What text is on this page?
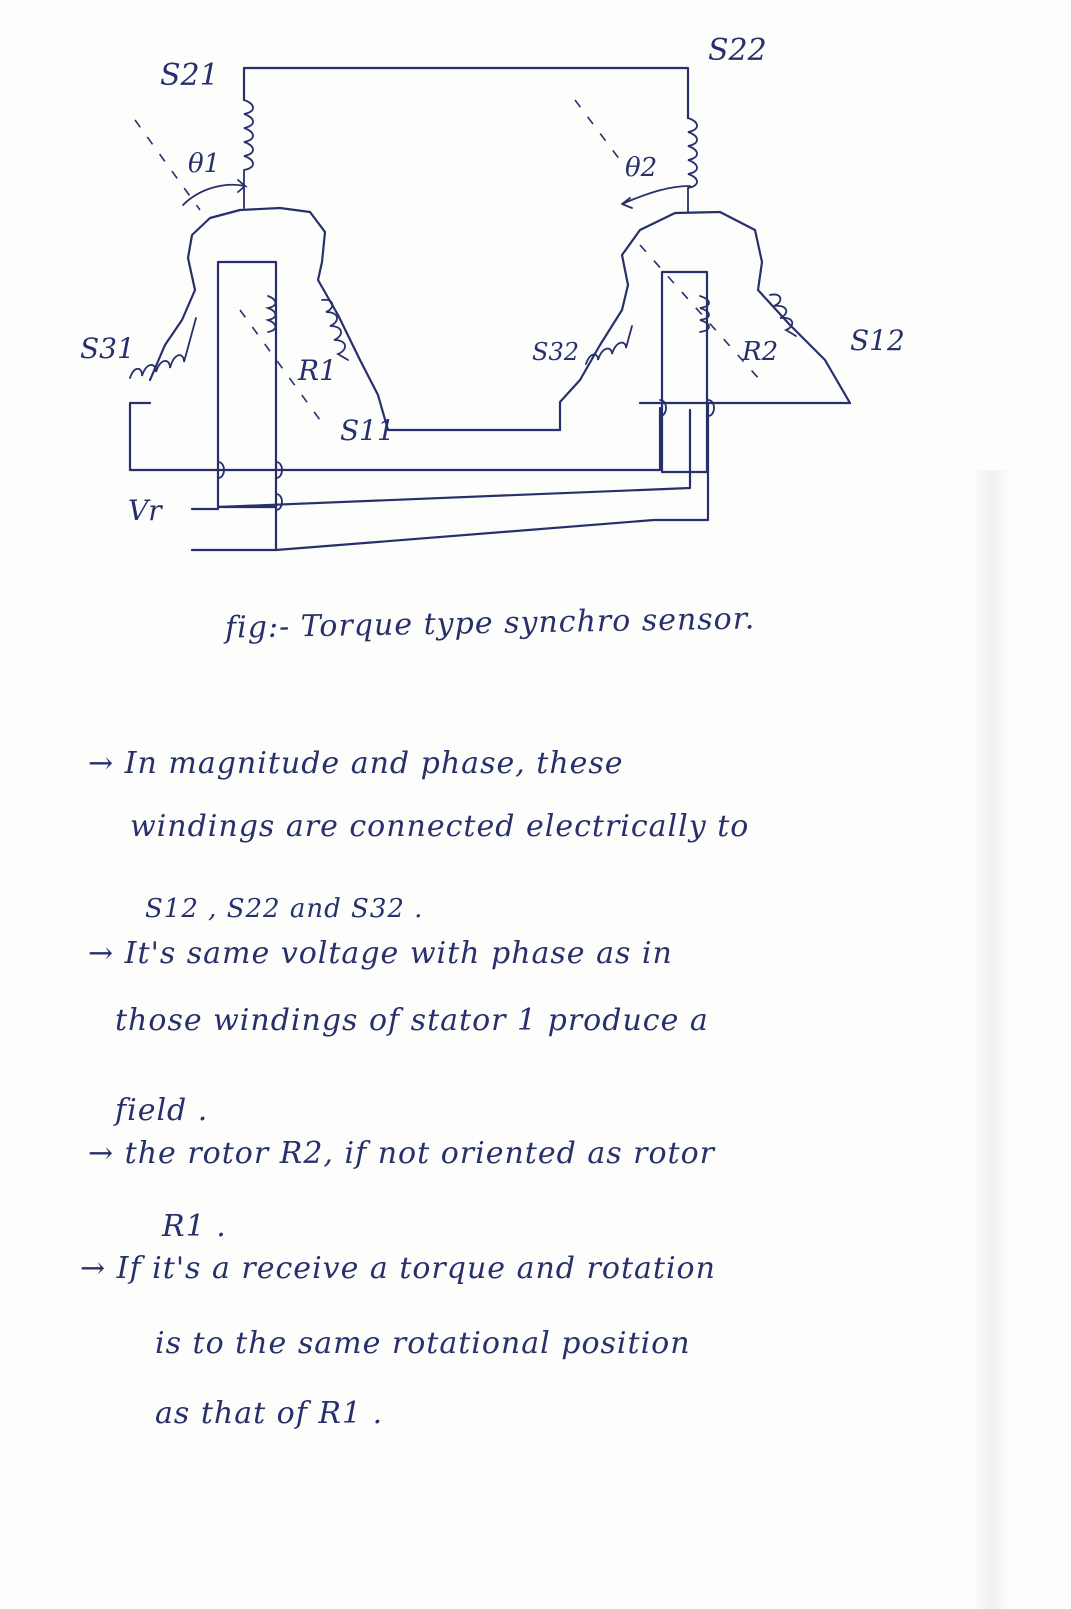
S21
S22
θ1	θ2
S31	S32	S12
R1
R2
S11
Vr
fig:- Torque type synchro sensor.
→ In magnitude and phase, these
windings are connected electrically to
S12 , S22 and S32 .
→ It's same voltage with phase as in
those windings of stator 1 produce a
field .
→ the rotor R2, if not oriented as rotor
R1 .
→ If it's a receive a torque and rotation
is to the same rotational position
as that of R1 .
